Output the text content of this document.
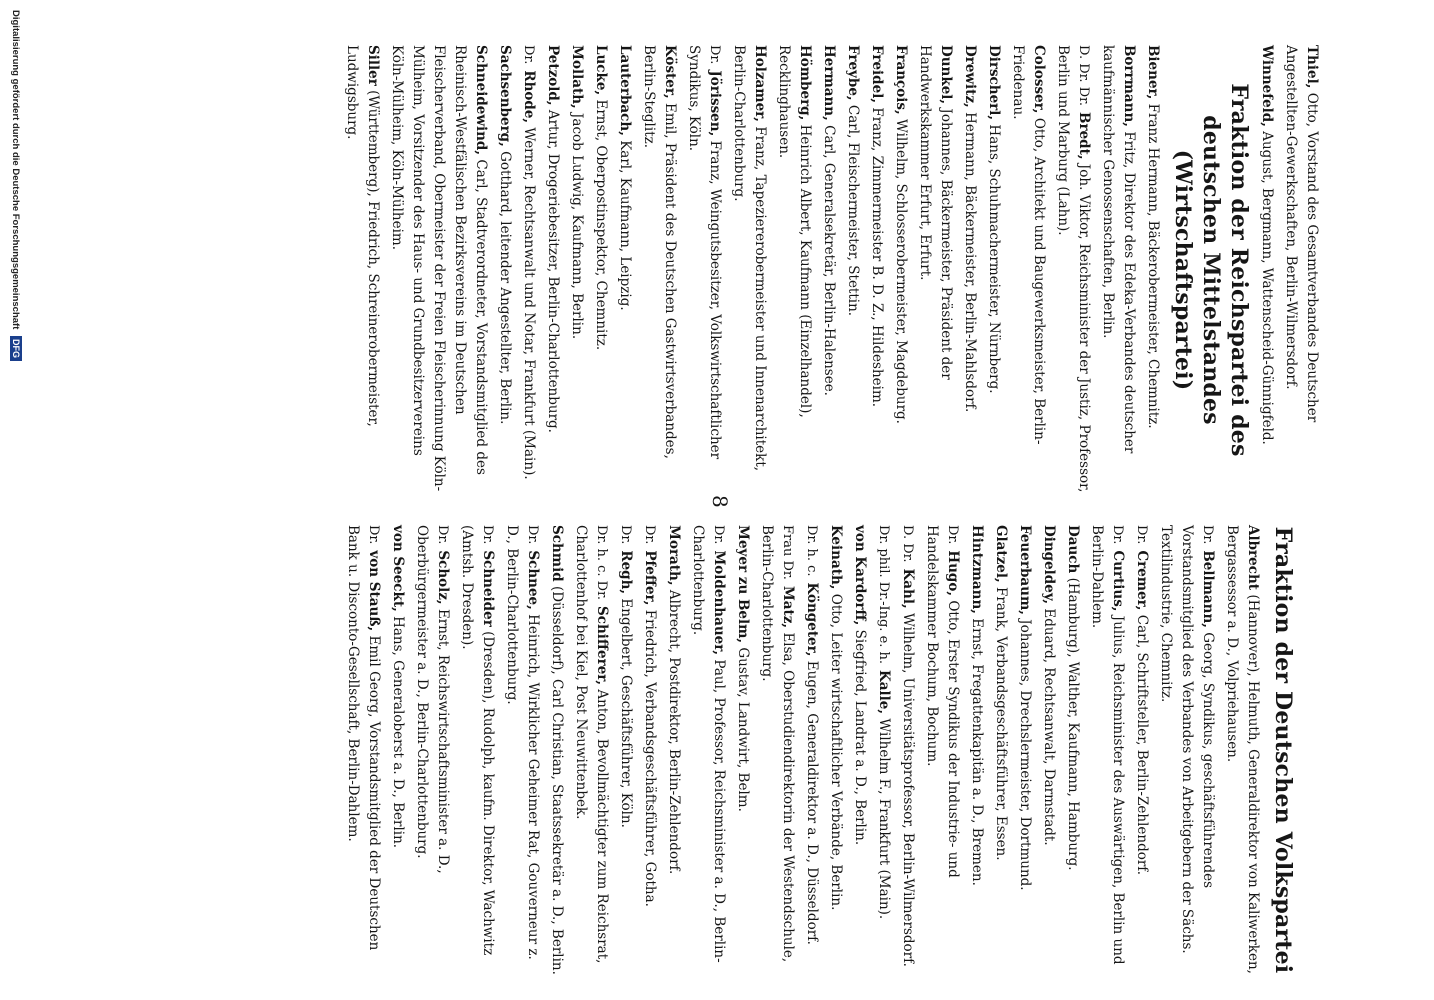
8
Fraktion der Deutschen Volkspartei
Albrecht (Hannover), Helmuth, Generaldirektor von Kaliwerken, Bergassessor a. D., Volpriehausen.
Dr.Bellmann, Georg, Syndikus, geschäftsführendes Vorstandsmitglied des Verbandes von Arbeitgebern der Sächs. Textilindustrie, Chemnitz.
Dr.Cremer, Carl, Schriftsteller, Berlin-Zehlendorf.
Dr.Curtius, Julius, Reichsminister des Auswärtigen, Berlin und Berlin-Dahlem.
Dauch (Hamburg), Walther, Kaufmann, Hamburg.
Dingeldey, Eduard, Rechtsanwalt, Darmstadt.
Feuerbaum, Johannes, Drechslermeister, Dortmund.
Glatzel, Frank, Verbandsgeschäftsführer, Essen.
Hintzmann, Ernst, Fregattenkapitän a. D., Bremen.
Dr.Hugo, Otto, Erster Syndikus der Industrie- und Handelskammer Bochum, Bochum.
D. Dr.Kahl, Wilhelm, Universitätsprofessor, Berlin-Wilmersdorf.
Dr. phil. Dr.-Ing. e. h.Kalle, Wilhelm F., Frankfurt (Main).
von Kardorff, Siegfried, Landrat a. D., Berlin.
Keinath, Otto, Leiter wirtschaftlicher Verbände, Berlin.
Dr. h. c.Köngeter, Eugen, Generaldirektor a. D., Düsseldorf.
Frau Dr.Matz, Elsa, Oberstudiendirektorin der Westendschule, Berlin-Charlottenburg.
Meyer zu Belm, Gustav, Landwirt, Belm.
Dr.Moldenhauer, Paul, Professor, Reichsminister a. D., Berlin-Charlottenburg.
Morath, Albrecht, Postdirektor, Berlin-Zehlendorf.
Dr.Pfeffer, Friedrich, Verbandsgeschäftsführer, Gotha.
Dr.Regh, Engelbert, Geschäftsführer, Köln.
Dr. h. c. Dr.Schifferer, Anton, Bevollmächtigter zum Reichsrat, Charlottenhof bei Kiel, Post Neuwittenbek.
Schmid (Düsseldorf), Carl Christian, Staatssekretär a. D., Berlin.
Dr.Schnee, Heinrich, Wirklicher Geheimer Rat, Gouverneur z. D., Berlin-Charlottenburg.
Dr.Schneider (Dresden), Rudolph, kaufm. Direktor, Wachwitz (Amtsh. Dresden).
Dr.Scholz, Ernst, Reichswirtschaftsminister a. D., Oberbürgermeister a. D., Berlin-Charlottenburg.
von Seeckt, Hans, Generaloberst a. D., Berlin.
Dr.von Stauß, Emil Georg, Vorstandsmitglied der Deutschen Bank u. Disconto-Gesellschaft, Berlin-Dahlem.
Thiel, Otto, Vorstand des Gesamtverbandes Deutscher Angestellten-Gewerkschaften, Berlin-Wilmersdorf.
Winnefeld, August, Bergmann, Wattenscheid-Günnigfeld.
Fraktion der Reichspartei des deutschen Mittelstandes (Wirtschaftspartei)
Biener, Franz Hermann, Bäckerobermeister, Chemnitz.
Borrmann, Fritz, Direktor des Edeka-Verbandes deutscher kaufmännischer Genossenschaften, Berlin.
D. Dr. Dr.Bredt, Joh. Viktor, Reichsminister der Justiz, Professor, Berlin und Marburg (Lahn).
Colosser, Otto, Architekt und Baugewerksmeister, Berlin-Friedenau.
Dirscherl, Hans, Schuhmachermeister, Nürnberg.
Drewitz, Hermann, Bäckermeister, Berlin-Mahlsdorf.
Dunkel, Johannes, Bäckermeister, Präsident der Handwerkskammer Erfurt, Erfurt.
François, Wilhelm, Schlosserobermeister, Magdeburg.
Freidel, Franz, Zimmermeister B. D. Z., Hildesheim.
Freybe, Carl, Fleischermeister, Stettin.
Hermann, Carl, Generalsekretär, Berlin-Halensee.
Hömberg, Heinrich Albert, Kaufmann (Einzelhandel), Recklinghausen.
Holzamer, Franz, Tapeziererobermeister und Innenarchitekt, Berlin-Charlottenburg.
Dr.Jörissen, Franz, Weingutsbesitzer, Volkswirtschaftlicher Syndikus, Köln.
Köster, Emil, Präsident des Deutschen Gastwirtsverbandes, Berlin-Steglitz.
Lauterbach, Karl, Kaufmann, Leipzig.
Lucke, Ernst, Oberpostinspektor, Chemnitz.
Mollath, Jacob Ludwig, Kaufmann, Berlin.
Petzold, Artur, Drogeriebesitzer, Berlin-Charlottenburg.
Dr.Rhode, Werner, Rechtsanwalt und Notar, Frankfurt (Main).
Sachsenberg, Gotthard, leitender Angestellter, Berlin.
Schneidewind, Carl, Stadtverordneter, Vorstandsmitglied des Rheinisch-Westfälischen Bezirksvereins im Deutschen Fleischerverband, Obermeister der Freien Fleischerinnung Köln-Mülheim, Vorsitzender des Haus- und Grundbesitzervereins Köln-Mülheim, Köln-Mülheim.
Siller (Württemberg), Friedrich, Schreinerobermeister, Ludwigsburg.
Digitalisierung gefördert durch die Deutsche Forschungsgemeinschaft DFG
